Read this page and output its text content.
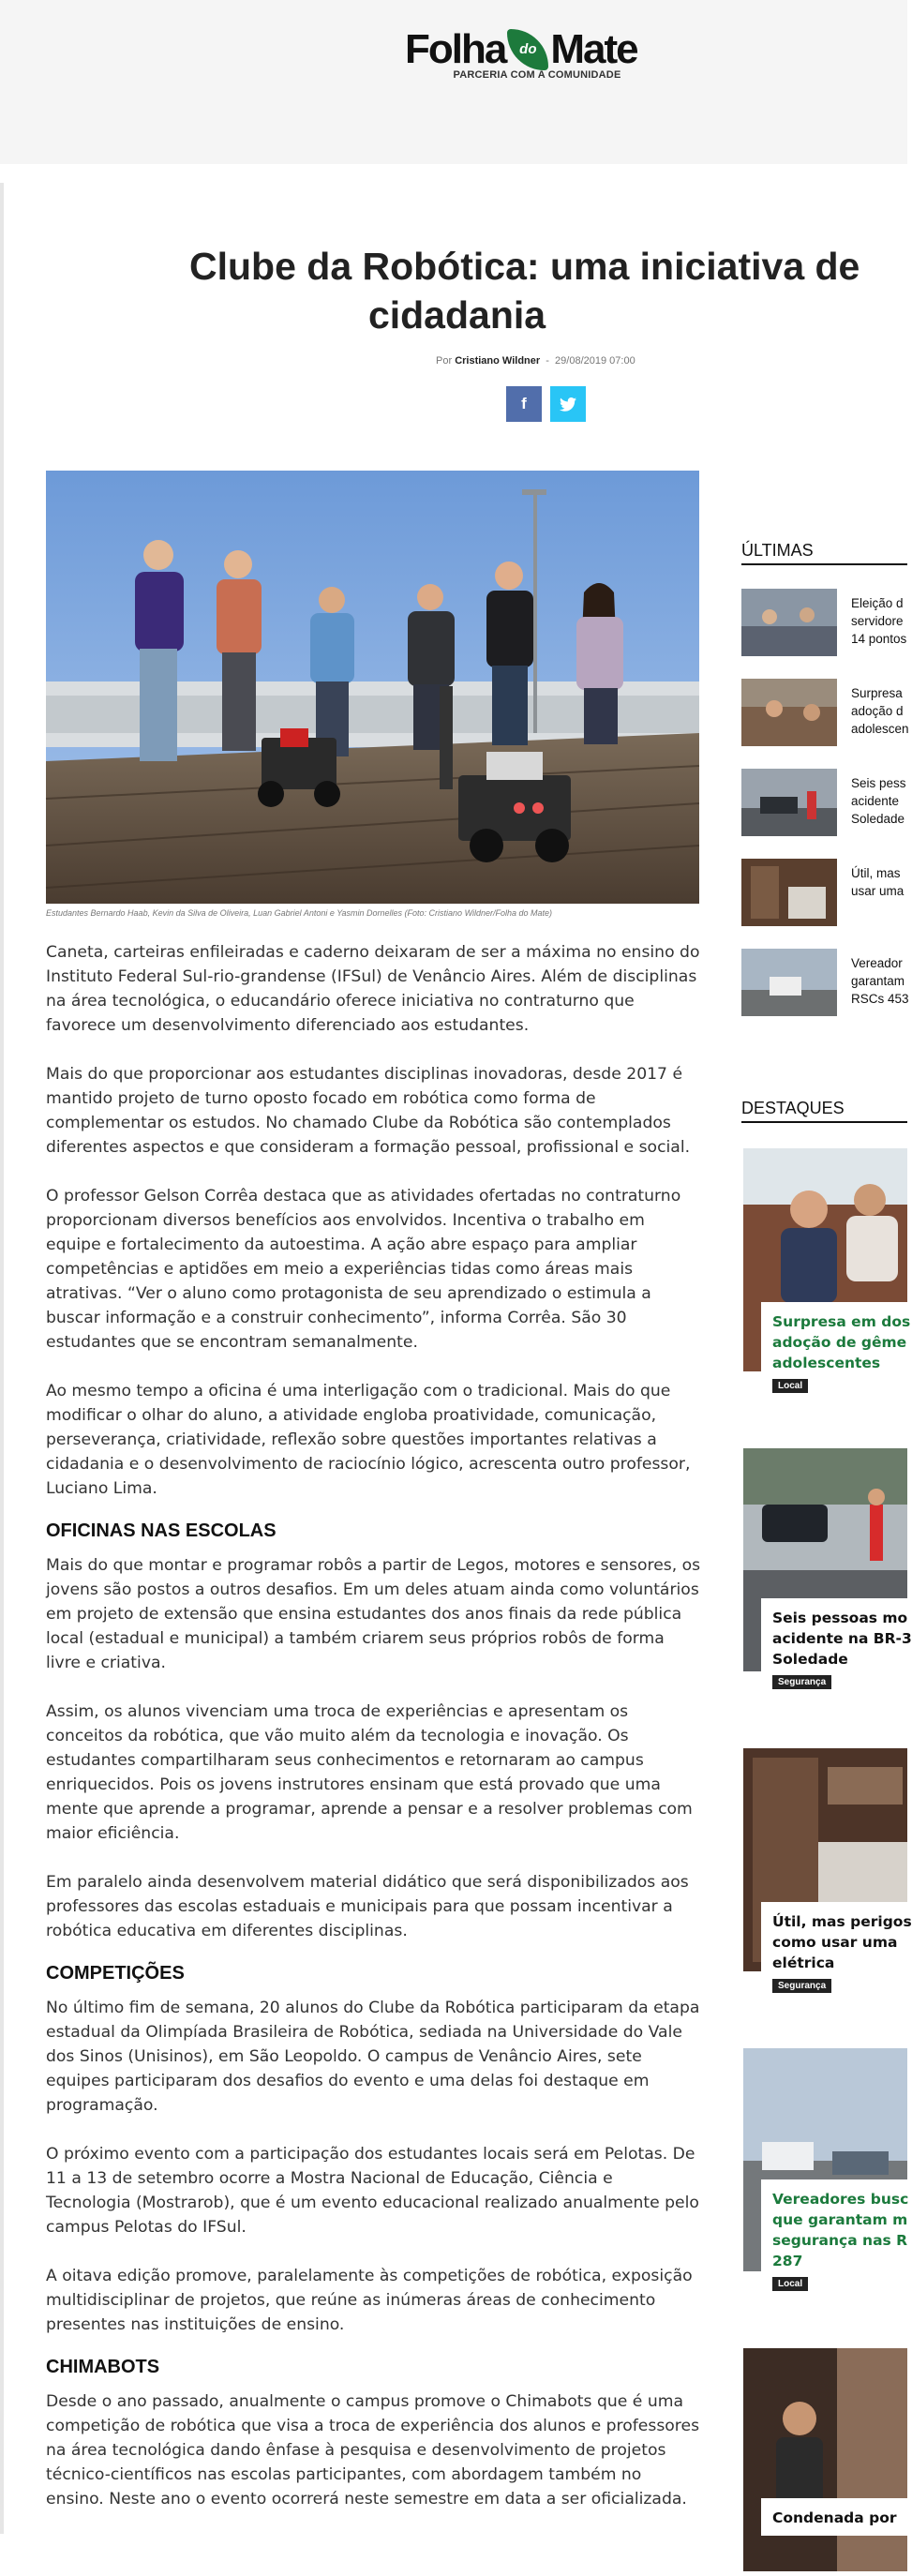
Folha do Mate
PARCERIA COM A COMUNIDADE
Clube da Robótica: uma iniciativa de
cidadania
Por Cristiano Wildner  -  29/08/2019 07:00
f
Estudantes Bernardo Haab, Kevin da Silva de Oliveira, Luan Gabriel Antoni e Yasmin Dornelles (Foto: Cristiano Wildner/Folha do Mate)

Caneta, carteiras enfileiradas e caderno deixaram de ser a máxima no ensino do Instituto Federal Sul-rio-grandense (IFSul) de Venâncio Aires. Além de disciplinas na área tecnológica, o educandário oferece iniciativa no contraturno que favorece um desenvolvimento diferenciado aos estudantes.

Mais do que proporcionar aos estudantes disciplinas inovadoras, desde 2017 é mantido projeto de turno oposto focado em robótica como forma de complementar os estudos. No chamado Clube da Robótica são contemplados diferentes aspectos e que consideram a formação pessoal, profissional e social.

O professor Gelson Corrêa destaca que as atividades ofertadas no contraturno proporcionam diversos benefícios aos envolvidos. Incentiva o trabalho em equipe e fortalecimento da autoestima. A ação abre espaço para ampliar competências e aptidões em meio a experiências tidas como áreas mais atrativas. “Ver o aluno como protagonista de seu aprendizado o estimula a buscar informação e a construir conhecimento”, informa Corrêa. São 30 estudantes que se encontram semanalmente.

Ao mesmo tempo a oficina é uma interligação com o tradicional. Mais do que modificar o olhar do aluno, a atividade engloba proatividade, comunicação, perseverança, criatividade, reflexão sobre questões importantes relativas a cidadania e o desenvolvimento de raciocínio lógico, acrescenta outro professor, Luciano Lima.

OFICINAS NAS ESCOLAS

Mais do que montar e programar robôs a partir de Legos, motores e sensores, os jovens são postos a outros desafios. Em um deles atuam ainda como voluntários em projeto de extensão que ensina estudantes dos anos finais da rede pública local (estadual e municipal) a também criarem seus próprios robôs de forma livre e criativa.

Assim, os alunos vivenciam uma troca de experiências e apresentam os conceitos da robótica, que vão muito além da tecnologia e inovação. Os estudantes compartilharam seus conhecimentos e retornaram ao campus enriquecidos. Pois os jovens instrutores ensinam que está provado que uma mente que aprende a programar, aprende a pensar e a resolver problemas com maior eficiência.

Em paralelo ainda desenvolvem material didático que será disponibilizados aos professores das escolas estaduais e municipais para que possam incentivar a robótica educativa em diferentes disciplinas.

COMPETIÇÕES

No último fim de semana, 20 alunos do Clube da Robótica participaram da etapa estadual da Olimpíada Brasileira de Robótica, sediada na Universidade do Vale dos Sinos (Unisinos), em São Leopoldo. O campus de Venâncio Aires, sete equipes participaram dos desafios do evento e uma delas foi destaque em programação.

O próximo evento com a participação dos estudantes locais será em Pelotas. De 11 a 13 de setembro ocorre a Mostra Nacional de Educação, Ciência e Tecnologia (Mostrarob), que é um evento educacional realizado anualmente pelo campus Pelotas do IFSul.

A oitava edição promove, paralelamente às competições de robótica, exposição multidisciplinar de projetos, que reúne as inúmeras áreas de conhecimento presentes nas instituições de ensino.

CHIMABOTS

Desde o ano passado, anualmente o campus promove o Chimabots que é uma competição de robótica que visa a troca de experiência dos alunos e professores na área tecnológica dando ênfase à pesquisa e desenvolvimento de projetos técnico-científicos nas escolas participantes, com abordagem também no ensino. Neste ano o evento ocorrerá neste semestre em data a ser oficializada.

ÚLTIMAS
Eleição d
servidore
14 pontos
Surpresa
adoção d
adolescen
Seis pess
acidente
Soledade
Útil, mas
usar uma
Vereador
garantam
RSCs 453
DESTAQUES
Surpresa em dos
adoção de gême
adolescentes
Local
Seis pessoas mo
acidente na BR-3
Soledade
Segurança
Útil, mas perigos
como usar uma
elétrica
Segurança
Vereadores busc
que garantam m
segurança nas R
287
Local
Condenada por
